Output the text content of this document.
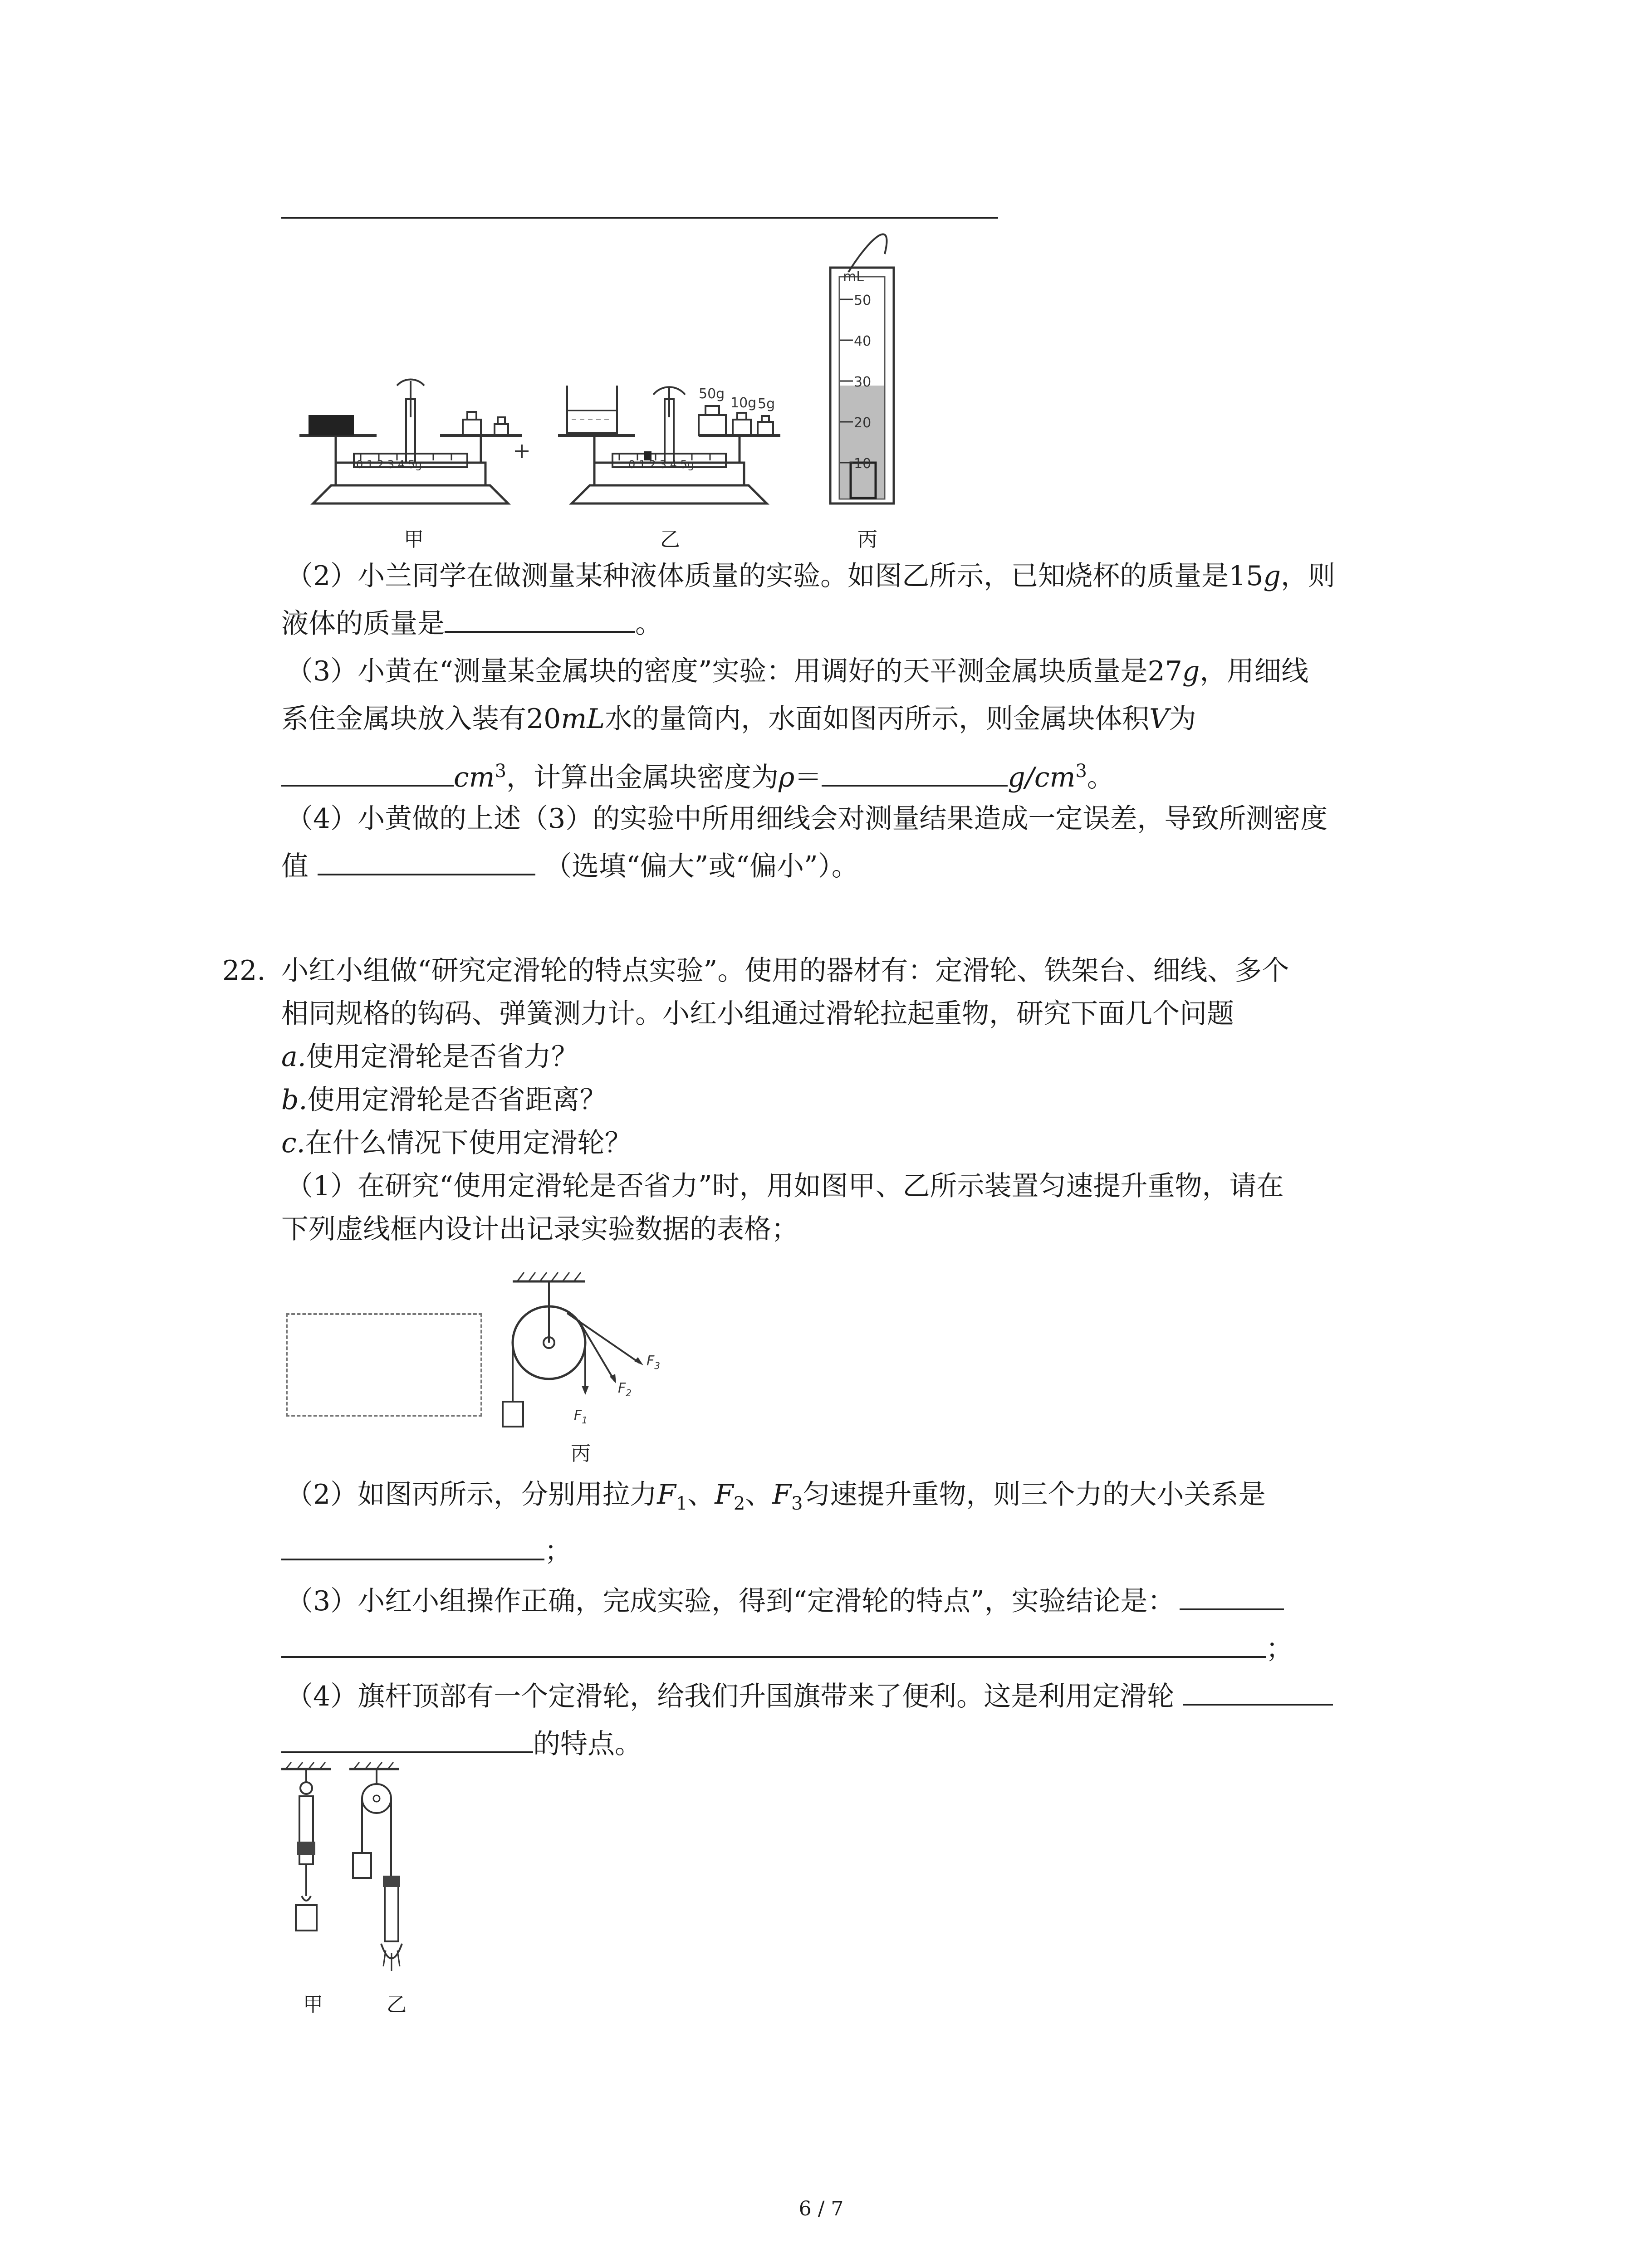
0 1 2 3 4 5g	0 1 2 3 4 5g
50g
10g 5g
mL
50
40
30
20
10
甲	乙	丙
（2）小兰同学在做测量某种液体质量的实验。如图乙所示，已知烧杯的质量是15g，则
液体的质量是	。
（3）小黄在“测量某金属块的密度”实验：用调好的天平测金属块质量是27g，用细线
系住金属块放入装有20mL水的量筒内，水面如图丙所示，则金属块体积V为
$cm^3$，计算出金属块密度为ρ＝	$g/cm^3$。
（4）小黄做的上述（3）的实验中所用细线会对测量结果造成一定误差，导致所测密度
值	（选填“偏大”或“偏小”）。
22. 小红小组做“研究定滑轮的特点实验”。使用的器材有：定滑轮、铁架台、细线、多个
相同规格的钩码、弹簧测力计。小红小组通过滑轮拉起重物，研究下面几个问题
a.使用定滑轮是否省力？
b.使用定滑轮是否省距离？
c.在什么情况下使用定滑轮？
（1）在研究“使用定滑轮是否省力”时，用如图甲、乙所示装置匀速提升重物，请在
下列虚线框内设计出记录实验数据的表格；
$F_1$
$F_2$
$F_3$
丙
（2）如图丙所示，分别用拉力$F_1$、$F_2$、$F_3$匀速提升重物，则三个力的大小关系是
；
（3）小红小组操作正确，完成实验，得到“定滑轮的特点”，实验结论是：
；
（4）旗杆顶部有一个定滑轮，给我们升国旗带来了便利。这是利用定滑轮
的特点。
甲	乙
6 / 7
